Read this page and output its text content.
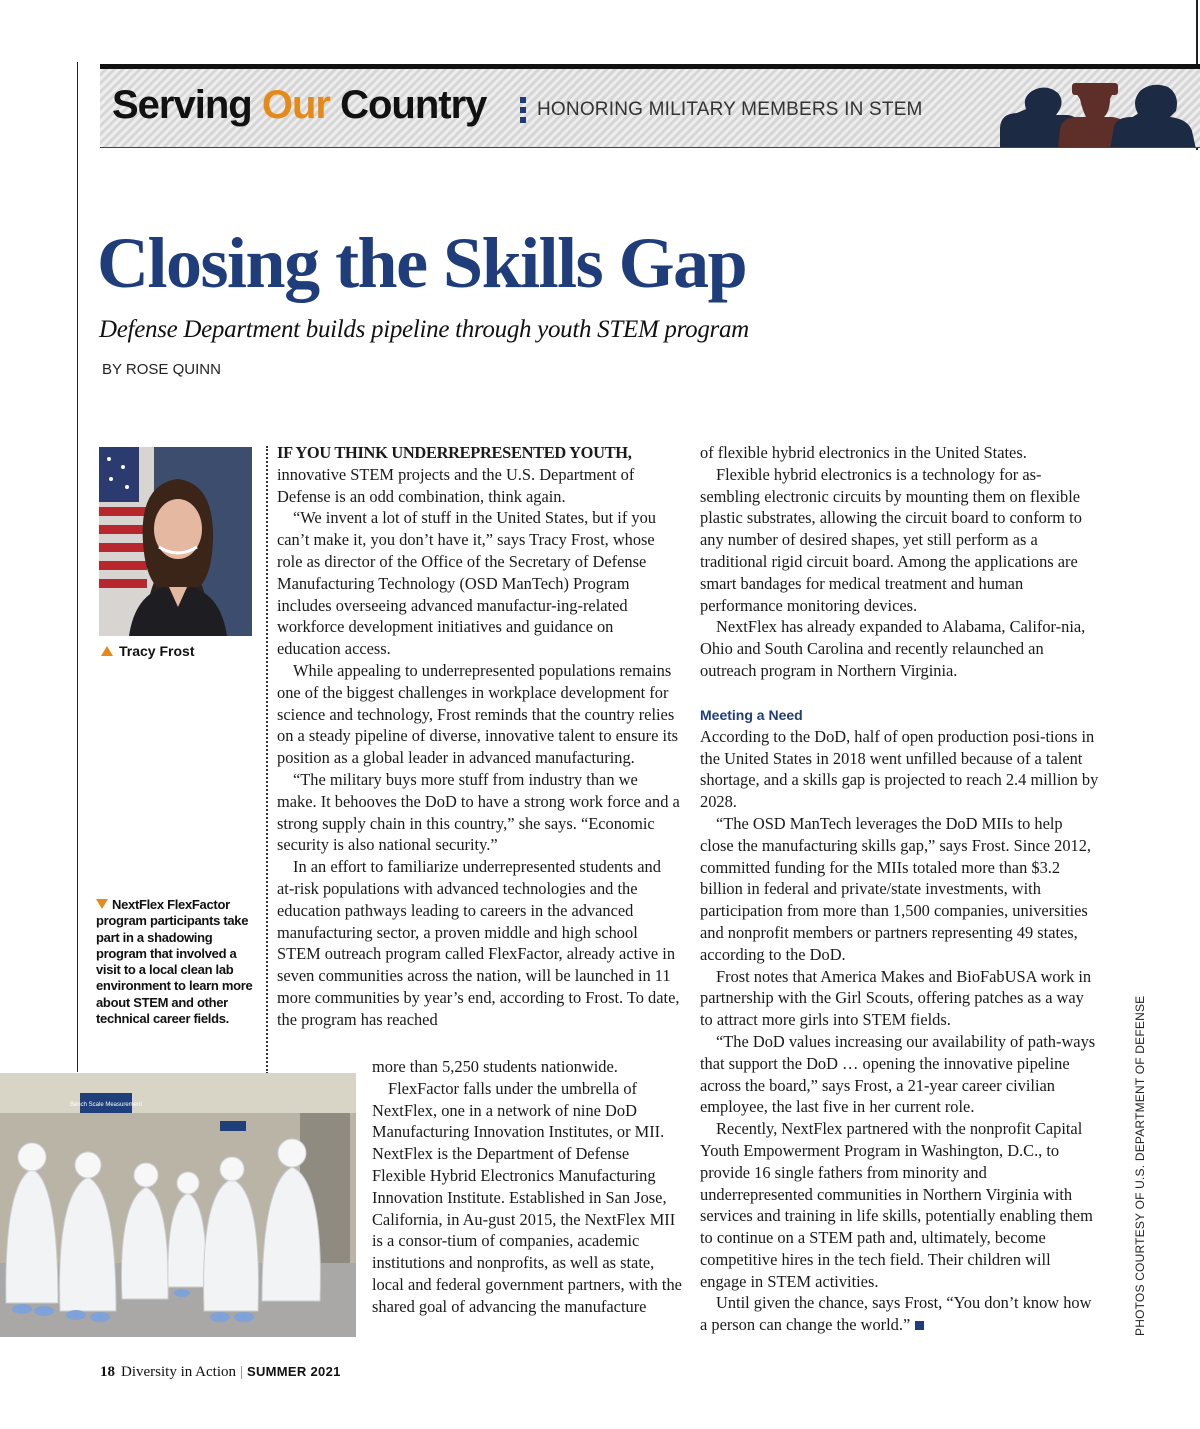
Serving Our Country	HONORING MILITARY MEMBERS IN STEM
Closing the Skills Gap
Defense Department builds pipeline through youth STEM program
BY ROSE QUINN
Tracy Frost
NextFlex FlexFactor program participants take part in a shadowing program that involved a visit to a local clean lab environment to learn more about STEM and other technical career fields.

IF YOU THINK UNDERREPRESENTED YOUTH, innovative STEM projects and the U.S. Department of Defense is an odd combination, think again.

“We invent a lot of stuff in the United States, but if you can’t make it, you don’t have it,” says Tracy Frost, whose role as director of the Office of the Secretary of Defense Manufacturing Technology (OSD ManTech) Program includes overseeing advanced manufactur-ing-related workforce development initiatives and guidance on education access.

While appealing to underrepresented populations remains one of the biggest challenges in workplace development for science and technology, Frost reminds that the country relies on a steady pipeline of diverse, innovative talent to ensure its position as a global leader in advanced manufacturing.

“The military buys more stuff from industry than we make. It behooves the DoD to have a strong work force and a strong supply chain in this country,” she says. “Economic security is also national security.”

In an effort to familiarize underrepresented students and at-risk populations with advanced technologies and the education pathways leading to careers in the advanced manufacturing sector, a proven middle and high school STEM outreach program called FlexFactor, already active in seven communities across the nation, will be launched in 11 more communities by year’s end, according to Frost. To date, the program has reached

Bench Scale Measurement

more than 5,250 students nationwide.

FlexFactor falls under the umbrella of NextFlex, one in a network of nine DoD Manufacturing Innovation Institutes, or MII. NextFlex is the Department of Defense Flexible Hybrid Electronics Manufacturing Innovation Institute. Established in San Jose, California, in Au-gust 2015, the NextFlex MII is a consor-tium of companies, academic institutions and nonprofits, as well as state, local and federal government partners, with the shared goal of advancing the manufacture

of flexible hybrid electronics in the United States.

Flexible hybrid electronics is a technology for as-sembling electronic circuits by mounting them on flexible plastic substrates, allowing the circuit board to conform to any number of desired shapes, yet still perform as a traditional rigid circuit board. Among the applications are smart bandages for medical treatment and human performance monitoring devices.

NextFlex has already expanded to Alabama, Califor-nia, Ohio and South Carolina and recently relaunched an outreach program in Northern Virginia.

Meeting a Need

According to the DoD, half of open production posi-tions in the United States in 2018 went unfilled because of a talent shortage, and a skills gap is projected to reach 2.4 million by 2028.

“The OSD ManTech leverages the DoD MIIs to help close the manufacturing skills gap,” says Frost. Since 2012, committed funding for the MIIs totaled more than $3.2 billion in federal and private/state investments, with participation from more than 1,500 companies, universities and nonprofit members or partners representing 49 states, according to the DoD.

Frost notes that America Makes and BioFabUSA work in partnership with the Girl Scouts, offering patches as a way to attract more girls into STEM fields.

“The DoD values increasing our availability of path-ways that support the DoD … opening the innovative pipeline across the board,” says Frost, a 21-year career civilian employee, the last five in her current role.

Recently, NextFlex partnered with the nonprofit Capital Youth Empowerment Program in Washington, D.C., to provide 16 single fathers from minority and underrepresented communities in Northern Virginia with services and training in life skills, potentially enabling them to continue on a STEM path and, ultimately, become competitive hires in the tech field. Their children will engage in STEM activities.

Until given the chance, says Frost, “You don’t know how a person can change the world.”	PHOTOS COURTESY OF U.S. DEPARTMENT OF DEFENSE
18 Diversity in Action | SUMMER 2021
